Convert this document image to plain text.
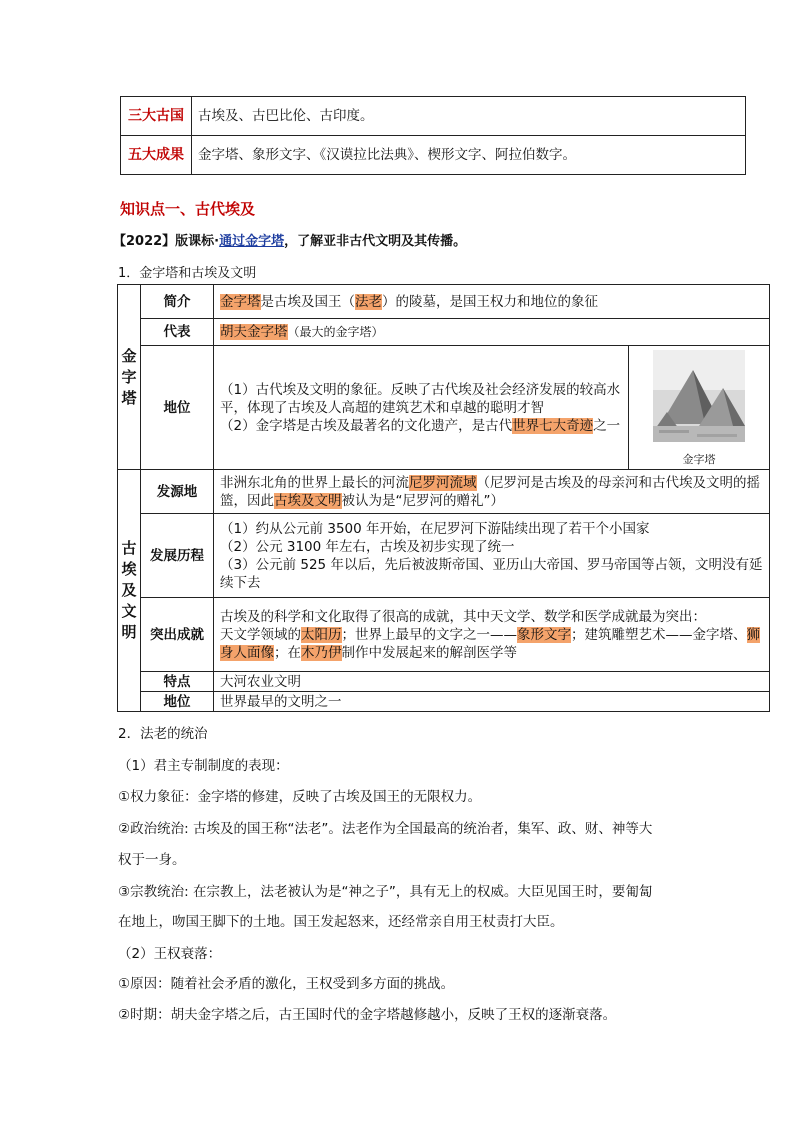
三大古国	古埃及、古巴比伦、古印度。
五大成果	金字塔、象形文字、《汉谟拉比法典》、楔形文字、阿拉伯数字。
知识点一、古代埃及
【2022】版课标·通过金字塔，了解亚非古代文明及其传播。
1．金字塔和古埃及文明
金字塔	简介	金字塔是古埃及国王（法老）的陵墓，是国王权力和地位的象征	
	代表	胡夫金字塔（最大的金字塔）	
	地位	（1）古代埃及文明的象征。反映了古代埃及社会经济发展的较高水平，体现了古埃及人高超的建筑艺术和卓越的聪明才智
（2）金字塔是古埃及最著名的文化遗产，是古代世界七大奇迹之一	金字塔

古埃及文明	发源地	非洲东北角的世界上最长的河流尼罗河流域（尼罗河是古埃及的母亲河和古代埃及文明的摇篮，因此古埃及文明被认为是“尼罗河的赠礼”）	
	发展历程	（1）约从公元前 3500 年开始，在尼罗河下游陆续出现了若干个小国家
（2）公元 3100 年左右，古埃及初步实现了统一
（3）公元前 525 年以后，先后被波斯帝国、亚历山大帝国、罗马帝国等占领，文明没有延续下去	

	突出成就	古埃及的科学和文化取得了很高的成就，其中天文学、数学和医学成就最为突出：
天文学领域的太阳历；世界上最早的文字之一——象形文字；建筑雕塑艺术——金字塔、狮身人面像；在木乃伊制作中发展起来的解剖医学等	

	特点	大河农业文明	
	地位	世界最早的文明之一	
2．法老的统治
（1）君主专制制度的表现：
①权力象征：金字塔的修建，反映了古埃及国王的无限权力。
②政治统治: 古埃及的国王称“法老”。法老作为全国最高的统治者，集军、政、财、神等大
权于一身。
③宗教统治: 在宗教上，法老被认为是“神之子”，具有无上的权威。大臣见国王时，要匍匐
在地上，吻国王脚下的土地。国王发起怒来，还经常亲自用王杖责打大臣。
（2）王权衰落：
①原因：随着社会矛盾的激化，王权受到多方面的挑战。
②时期：胡夫金字塔之后，古王国时代的金字塔越修越小，反映了王权的逐渐衰落。
